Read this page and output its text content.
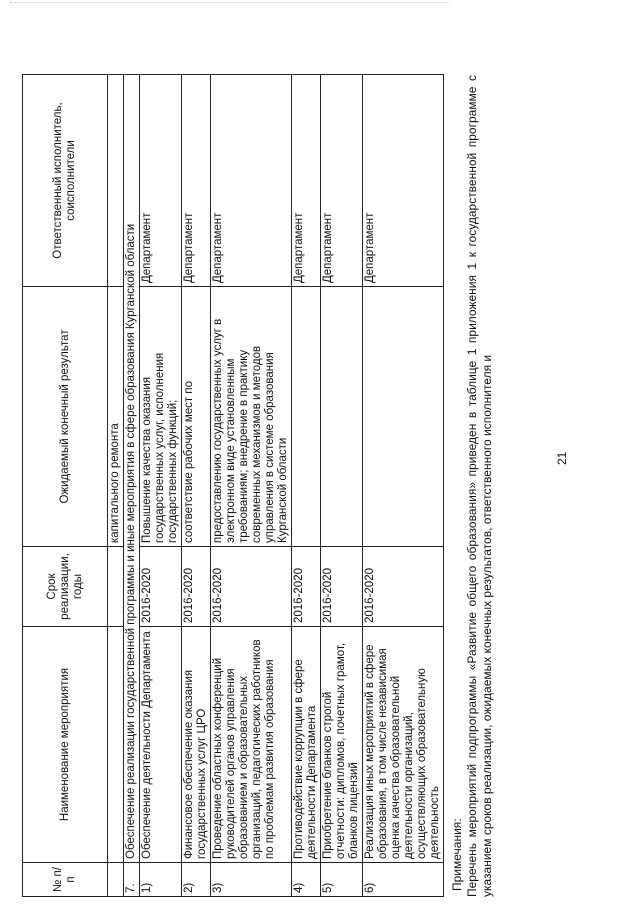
21
№ п/п	Наименование мероприятия	Срок реализации, годы	Ожидаемый конечный результат	Ответственный исполнитель, соисполнители
			капитального ремонта	
7.	Обеспечение реализации государственной программы и иные мероприятия в сфере образования Курганской области			
1)	Обеспечение деятельности Департамента	2016-2020	Повышение качества оказания государственных услуг, исполнения государственных функций;	Департамент
2)	Финансовое обеспечение оказания государственных услуг ЦРО	2016-2020	соответствие рабочих мест по	Департамент
3)	Проведение областных конференций руководителей органов управления образованием и образовательных организаций, педагогических работников по проблемам развития образования	2016-2020	предоставлению государственных услуг в электронном виде установленным требованиям; внедрение в практику современных механизмов и методов управления в системе образования Курганской области	Департамент
4)	Противодействие коррупции в сфере деятельности Департамента	2016-2020		Департамент
5)	Приобретение бланков строгой отчетности: дипломов, почетных грамот, бланков лицензий	2016-2020		Департамент
6)	Реализация иных мероприятий в сфере образования, в том числе независимая оценка качества образовательной деятельности организаций, осуществляющих образовательную деятельность	2016-2020		Департамент
Примечания: Перечень мероприятий подпрограммы «Развитие общего образования» приведен в таблице 1 приложения 1 к государственной программе с указанием сроков реализации, ожидаемых конечных результатов, ответственного исполнителя и
